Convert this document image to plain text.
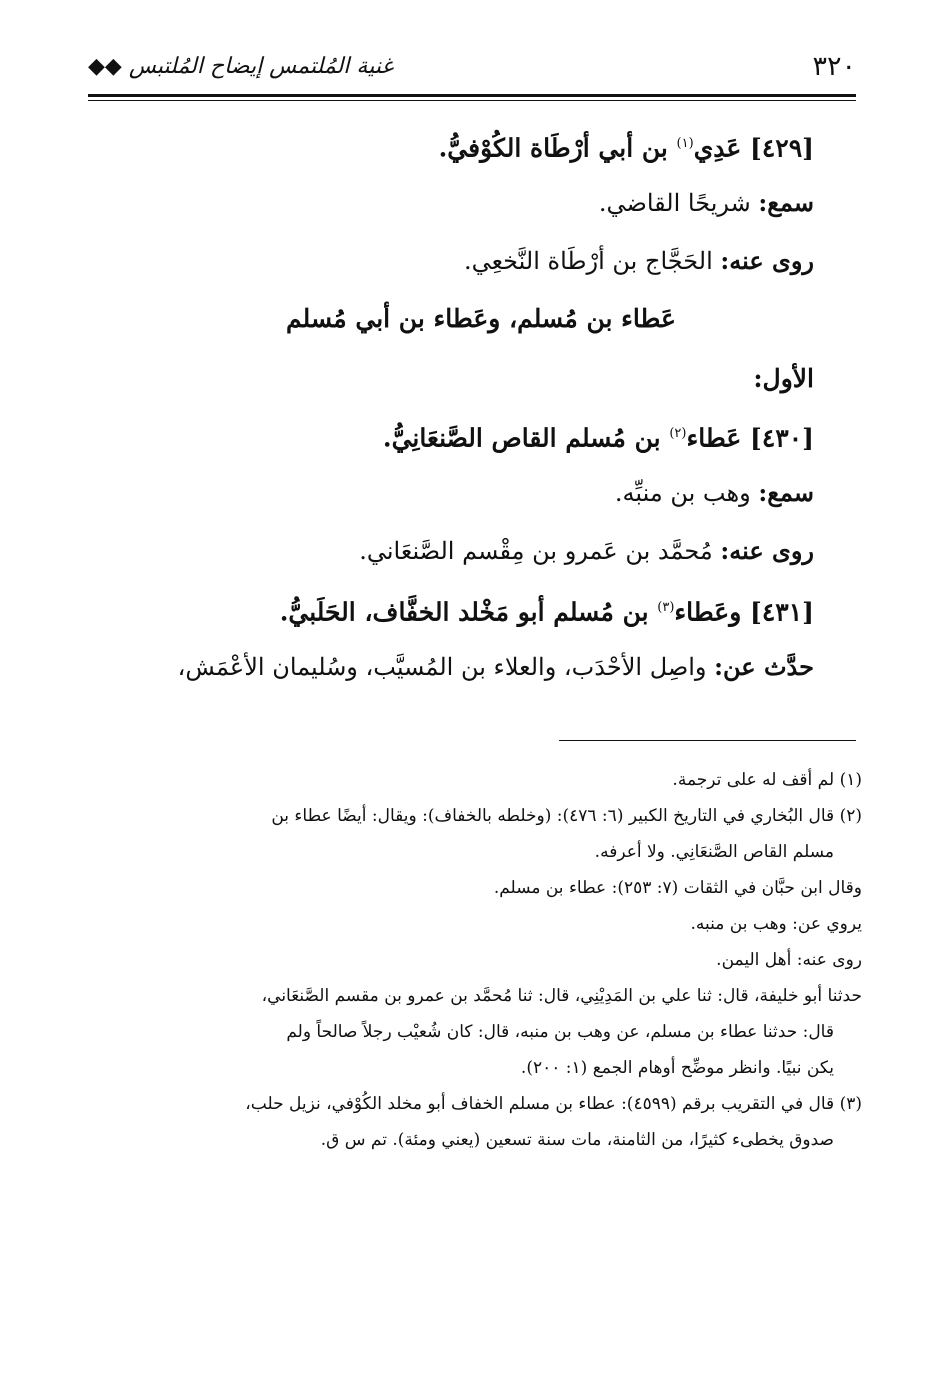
٣٢٠
غنية المُلتمس إيضاح المُلتبس ◆◆

[٤٢٩] عَدِي$^{(١)}$ بن أبي أرْطَاة الكُوْفيُّ.

سمع: شريحًا القاضي.

روى عنه: الحَجَّاج بن أرْطَاة النَّخعِي.

عَطاء بن مُسلم، وعَطاء بن أبي مُسلم

الأول:

[٤٣٠] عَطاء$^{(٢)}$ بن مُسلم القاص الصَّنعَانِيُّ.

سمع: وهب بن منبِّه.

روى عنه: مُحمَّد بن عَمرو بن مِقْسم الصَّنعَاني.

[٤٣١] وعَطاء$^{(٣)}$ بن مُسلم أبو مَخْلد الخفَّاف، الحَلَبيُّ.

حدَّث عن: واصِل الأحْدَب، والعلاء بن المُسيَّب، وسُليمان الأعْمَش،

(١) لم أقف له على ترجمة.

(٢) قال البُخاري في التاريخ الكبير (٦: ٤٧٦): (وخلطه بالخفاف): ويقال: أيضًا عطاء بن

مسلم القاص الصَّنعَانِي. ولا أعرفه.

وقال ابن حبَّان في الثقات (٧: ٢٥٣): عطاء بن مسلم.

يروي عن: وهب بن منبه.

روى عنه: أهل اليمن.

حدثنا أبو خليفة، قال: ثنا علي بن المَدِيْنِي، قال: ثنا مُحمَّد بن عمرو بن مقسم الصَّنعَاني،

قال: حدثنا عطاء بن مسلم، عن وهب بن منبه، قال: كان شُعيْب رجلاً صالحاً ولم

يكن نبيًا. وانظر موضِّح أوهام الجمع (١: ٢٠٠).

(٣) قال في التقريب برقم (٤٥٩٩): عطاء بن مسلم الخفاف أبو مخلد الكُوْفي، نزيل حلب،

صدوق يخطىء كثيرًا، من الثامنة، مات سنة تسعين (يعني ومئة). تم س ق.
